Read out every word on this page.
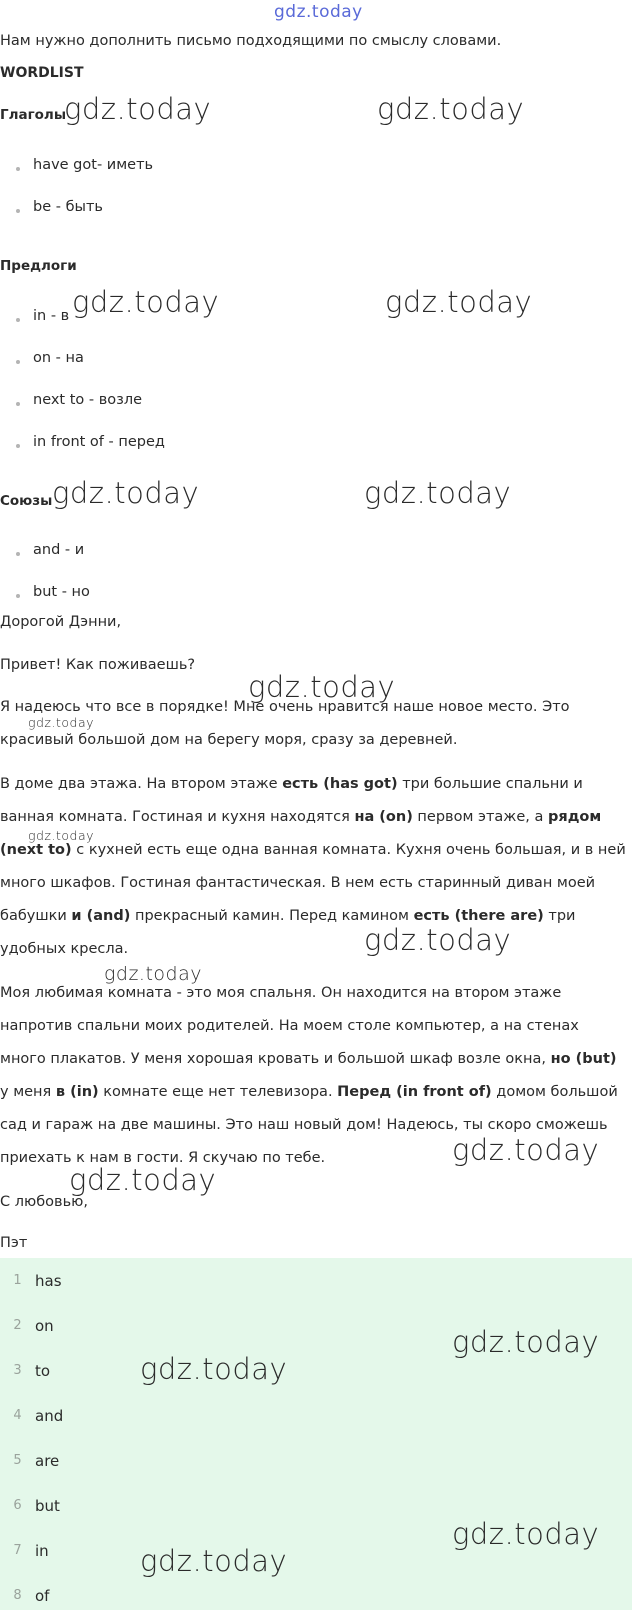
gdz.today
Нам нужно дополнить письмо подходящими по смыслу словами.
WORDLIST
Глаголы
have got- иметь
be - быть
Предлоги
in - в
on - на
next to - возле
in front of - перед
Союзы
and - и
but - но
Дорогой Дэнни,
Привет! Как поживаешь?
Я надеюсь что все в порядке! Мне очень нравится наше новое место. Это красивый большой дом на берегу моря, сразу за деревней.
В доме два этажа. На втором этаже есть (has got) три большие спальни и ванная комната. Гостиная и кухня находятся на (on) первом этаже, а рядом (next to) с кухней есть еще одна ванная комната. Кухня очень большая, и в ней много шкафов. Гостиная фантастическая. В нем есть старинный диван моей бабушки и (and) прекрасный камин. Перед камином есть (there are) три удобных кресла.
Моя любимая комната - это моя спальня. Он находится на втором этаже напротив спальни моих родителей. На моем столе компьютер, а на стенах много плакатов. У меня хорошая кровать и большой шкаф возле окна, но (but) у меня в (in) комнате еще нет телевизора. Перед (in front of) домом большой сад и гараж на две машины. Это наш новый дом! Надеюсь, ты скоро сможешь приехать к нам в гости. Я скучаю по тебе.
С любовью,
Пэт
1 has
2 on
3 to
4 and
5 are
6 but
7 in
8 of
gdz.today	gdz.today
gdz.today	gdz.today
gdz.today	gdz.today
gdz.today
gdz.today
gdz.today
gdz.today
gdz.today
gdz.today
gdz.today
gdz.today
gdz.today
gdz.today
gdz.today
